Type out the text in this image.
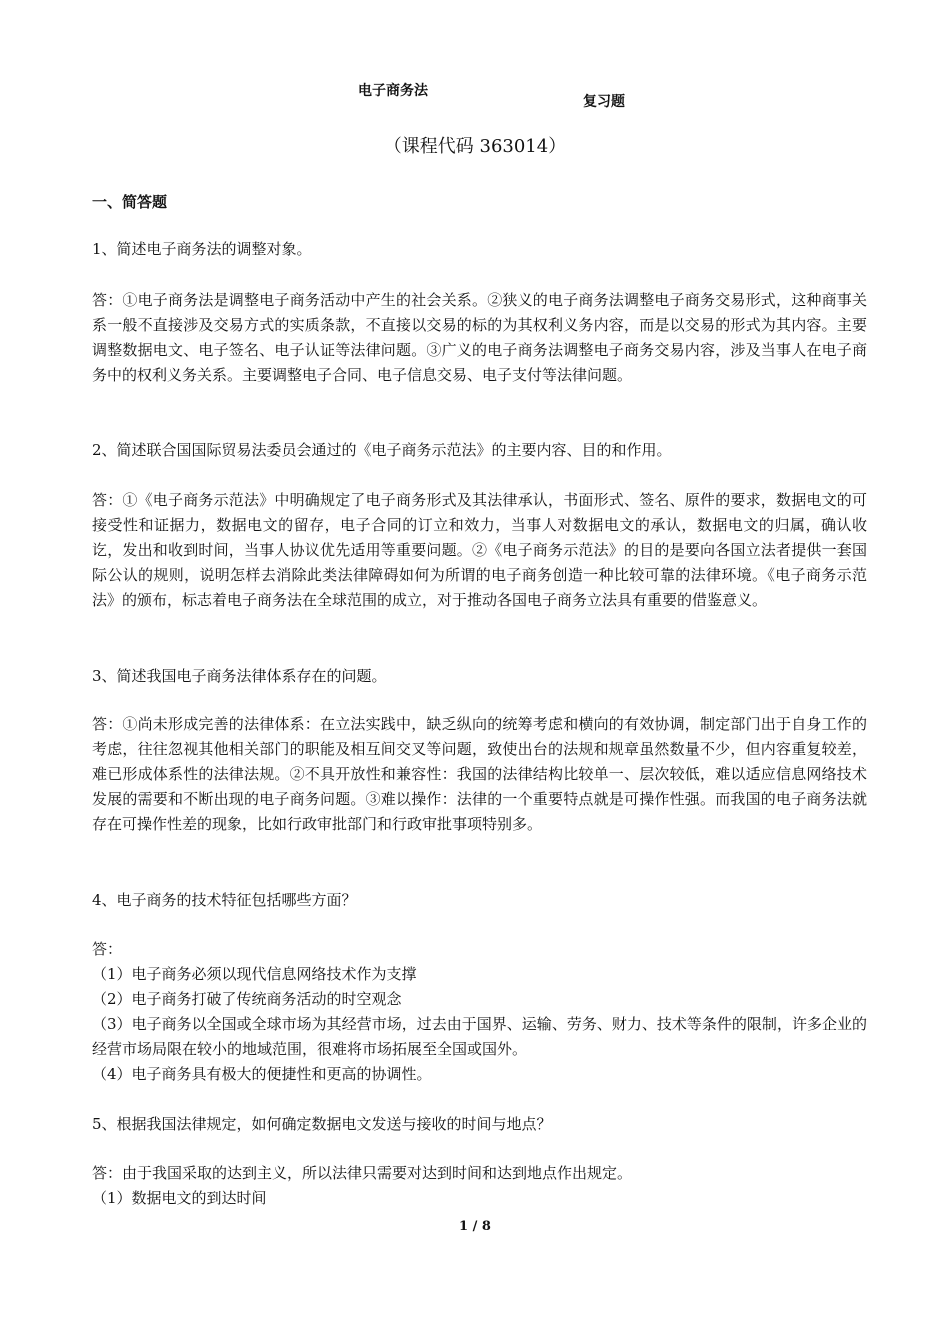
电子商务法
复习题
（课程代码 363014）
一、简答题

1、简述电子商务法的调整对象。

答：①电子商务法是调整电子商务活动中产生的社会关系。②狭义的电子商务法调整电子商务交易形式，这种商事关系一般不直接涉及交易方式的实质条款，不直接以交易的标的为其权利义务内容，而是以交易的形式为其内容。主要调整数据电文、电子签名、电子认证等法律问题。③广义的电子商务法调整电子商务交易内容，涉及当事人在电子商务中的权利义务关系。主要调整电子合同、电子信息交易、电子支付等法律问题。

2、简述联合国国际贸易法委员会通过的《电子商务示范法》的主要内容、目的和作用。

答：①《电子商务示范法》中明确规定了电子商务形式及其法律承认，书面形式、签名、原件的要求，数据电文的可接受性和证据力，数据电文的留存，电子合同的订立和效力，当事人对数据电文的承认，数据电文的归属，确认收讫，发出和收到时间，当事人协议优先适用等重要问题。②《电子商务示范法》的目的是要向各国立法者提供一套国际公认的规则，说明怎样去消除此类法律障碍如何为所谓的电子商务创造一种比较可靠的法律环境。《电子商务示范法》的颁布，标志着电子商务法在全球范围的成立，对于推动各国电子商务立法具有重要的借鉴意义。

3、简述我国电子商务法律体系存在的问题。

答：①尚未形成完善的法律体系：在立法实践中，缺乏纵向的统筹考虑和横向的有效协调，制定部门出于自身工作的考虑，往往忽视其他相关部门的职能及相互间交叉等问题，致使出台的法规和规章虽然数量不少，但内容重复较差，难已形成体系性的法律法规。②不具开放性和兼容性：我国的法律结构比较单一、层次较低，难以适应信息网络技术发展的需要和不断出现的电子商务问题。③难以操作：法律的一个重要特点就是可操作性强。而我国的电子商务法就存在可操作性差的现象，比如行政审批部门和行政审批事项特别多。

4、电子商务的技术特征包括哪些方面？

答：

（1）电子商务必须以现代信息网络技术作为支撑

（2）电子商务打破了传统商务活动的时空观念

（3）电子商务以全国或全球市场为其经营市场，过去由于国界、运输、劳务、财力、技术等条件的限制，许多企业的经营市场局限在较小的地域范围，很难将市场拓展至全国或国外。

（4）电子商务具有极大的便捷性和更高的协调性。

5、根据我国法律规定，如何确定数据电文发送与接收的时间与地点？

答：由于我国采取的达到主义，所以法律只需要对达到时间和达到地点作出规定。

（1）数据电文的到达时间

1 / 8
